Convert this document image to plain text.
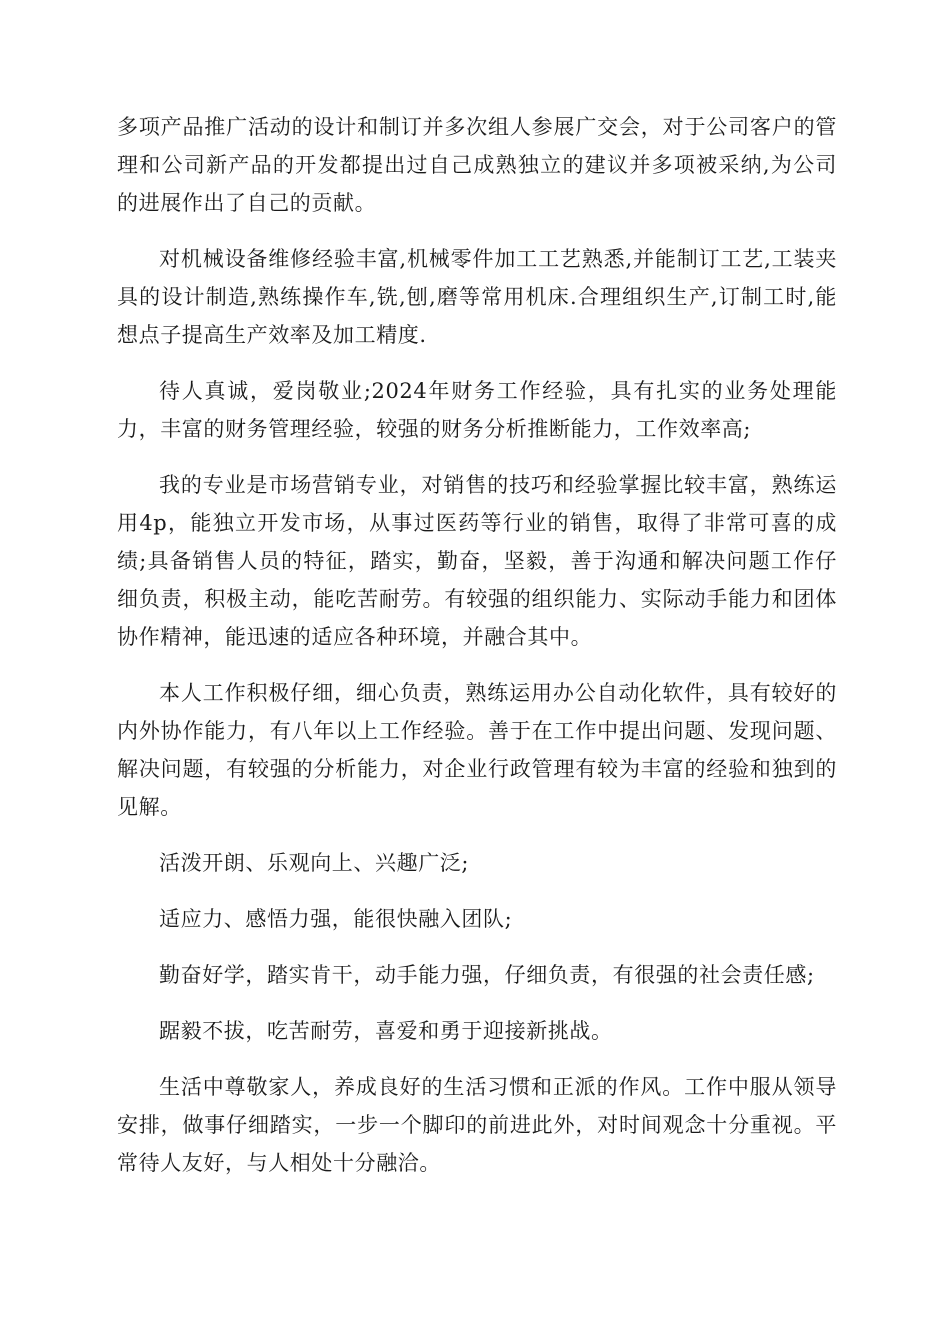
多项产品推广活动的设计和制订并多次组人参展广交会，对于公司客户的管理和公司新产品的开发都提出过自己成熟独立的建议并多项被采纳,为公司的进展作出了自己的贡献。

对机械设备维修经验丰富,机械零件加工工艺熟悉,并能制订工艺,工装夹具的设计制造,熟练操作车,铣,刨,磨等常用机床.合理组织生产,订制工时,能想点子提高生产效率及加工精度.

待人真诚，爱岗敬业;2024年财务工作经验，具有扎实的业务处理能力，丰富的财务管理经验，较强的财务分析推断能力，工作效率高;

我的专业是市场营销专业，对销售的技巧和经验掌握比较丰富，熟练运用4p，能独立开发市场，从事过医药等行业的销售，取得了非常可喜的成绩;具备销售人员的特征，踏实，勤奋，坚毅，善于沟通和解决问题工作仔细负责，积极主动，能吃苦耐劳。有较强的组织能力、实际动手能力和团体协作精神，能迅速的适应各种环境，并融合其中。

本人工作积极仔细，细心负责，熟练运用办公自动化软件，具有较好的内外协作能力，有八年以上工作经验。善于在工作中提出问题、发现问题、解决问题，有较强的分析能力，对企业行政管理有较为丰富的经验和独到的见解。

活泼开朗、乐观向上、兴趣广泛;

适应力、感悟力强，能很快融入团队;

勤奋好学，踏实肯干，动手能力强，仔细负责，有很强的社会责任感;

踞毅不拔，吃苦耐劳，喜爱和勇于迎接新挑战。

生活中尊敬家人，养成良好的生活习惯和正派的作风。工作中服从领导安排，做事仔细踏实，一步一个脚印的前进此外，对时间观念十分重视。平常待人友好，与人相处十分融洽。
